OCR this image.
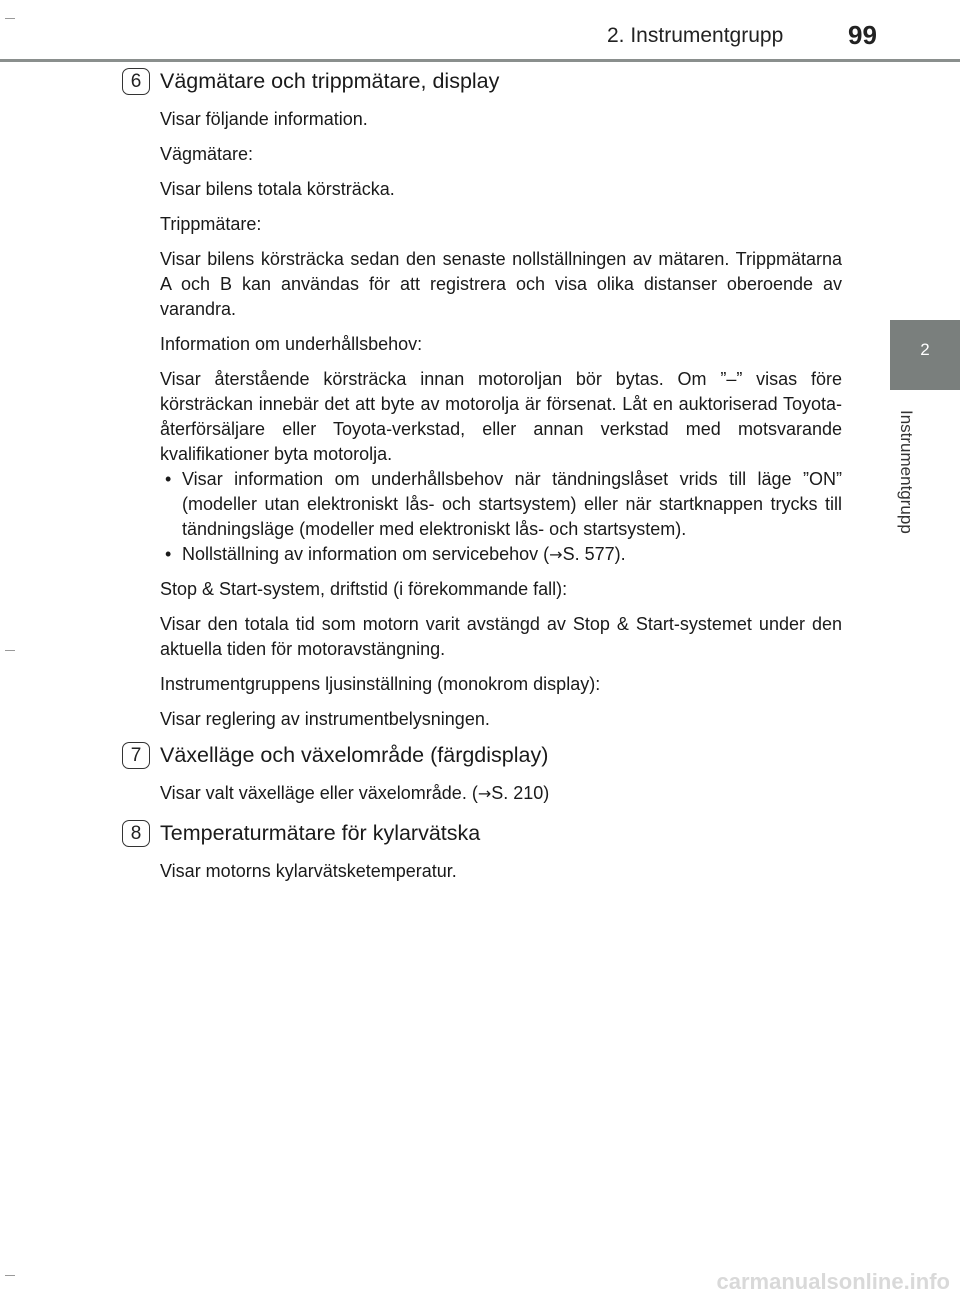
2. Instrumentgrupp 99
2
Instrumentgrupp
6 Vägmätare och trippmätare, display

Visar följande information.

Vägmätare:

Visar bilens totala körsträcka.

Trippmätare:

Visar bilens körsträcka sedan den senaste nollställningen av mätaren. Trippmätarna A och B kan användas för att registrera och visa olika distanser oberoende av varandra.

Information om underhållsbehov:

Visar återstående körsträcka innan motoroljan bör bytas. Om ”–” visas före körsträckan innebär det att byte av motorolja är försenat. Låt en auktoriserad Toyota-återförsäljare eller Toyota-verkstad, eller annan verkstad med motsvarande kvalifikationer byta motorolja.

• Visar information om underhållsbehov när tändningslåset vrids till läge ”ON” (modeller utan elektroniskt lås- och startsystem) eller när startknappen trycks till tändningsläge (modeller med elektroniskt lås- och startsystem).
• Nollställning av information om servicebehov (→S. 577).

Stop & Start-system, driftstid (i förekommande fall):

Visar den totala tid som motorn varit avstängd av Stop & Start-systemet under den aktuella tiden för motoravstängning.

Instrumentgruppens ljusinställning (monokrom display):

Visar reglering av instrumentbelysningen.

7 Växelläge och växelområde (färgdisplay)

Visar valt växelläge eller växelområde. (→S. 210)

8 Temperaturmätare för kylarvätska

Visar motorns kylarvätsketemperatur.

carmanualsonline.info
